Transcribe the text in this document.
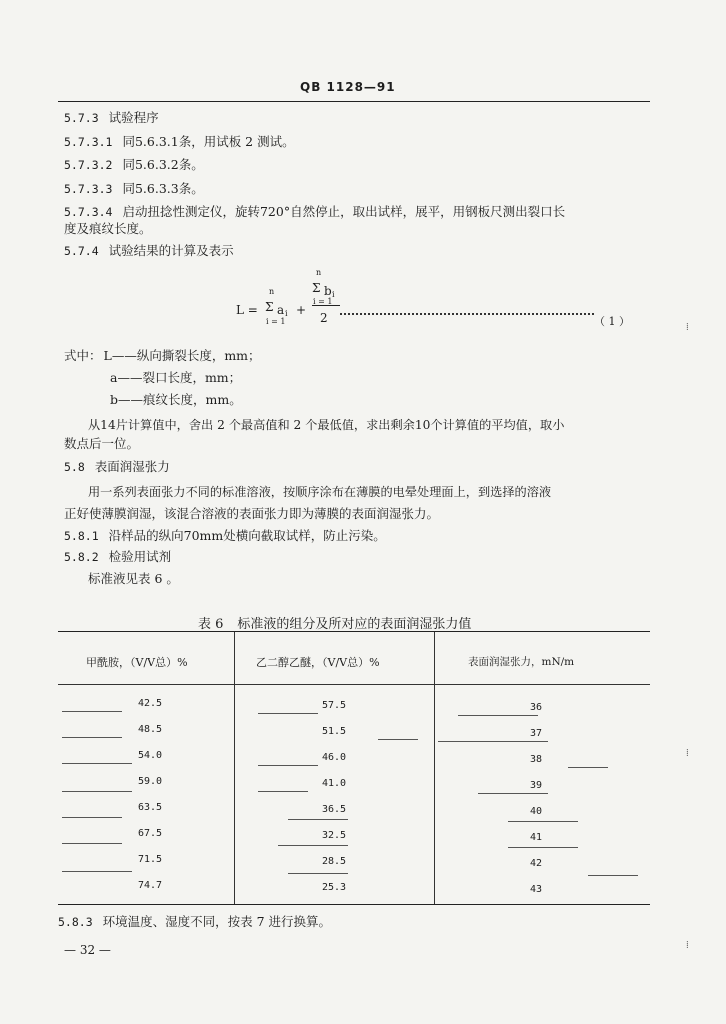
QB 1128—91
5.7.3 试验程序
5.7.3.1 同5.6.3.1条，用试板 2 测试。
5.7.3.2 同5.6.3.2条。
5.7.3.3 同5.6.3.3条。
5.7.3.4 启动扭捻性测定仪，旋转720°自然停止，取出试样，展平，用钢板尺测出裂口长
度及痕纹长度。
5.7.4 试验结果的计算及表示
L =
n
Σ a i
i = 1
+
n
Σ b i
i = 1
2	（ 1 ）
式中： L——纵向撕裂长度，mm；
a——裂口长度，mm；
b——痕纹长度，mm。
从14片计算值中，舍出 2 个最高值和 2 个最低值，求出剩余10个计算值的平均值，取小
数点后一位。
5.8 表面润湿张力
用一系列表面张力不同的标准溶液，按顺序涂布在薄膜的电晕处理面上，到选择的溶液
正好使薄膜润湿，该混合溶液的表面张力即为薄膜的表面润湿张力。
5.8.1 沿样品的纵向70mm处横向截取试样，防止污染。
5.8.2 检验用试剂
标准液见表 6 。
表 6 标准液的组分及所对应的表面润湿张力值
甲酰胺，（V/V总）%	乙二醇乙醚，（V/V总）%	表面润湿张力，mN/m
42.5	57.5	36
48.5	51.5	37
54.0	46.0	38
59.0	41.0	39
63.5	36.5	40
67.5	32.5	41
71.5	28.5	42
74.7	25.3	43
5.8.3 环境温度、湿度不同，按表 7 进行换算。
— 32 —
⁞
⁞
⁞
